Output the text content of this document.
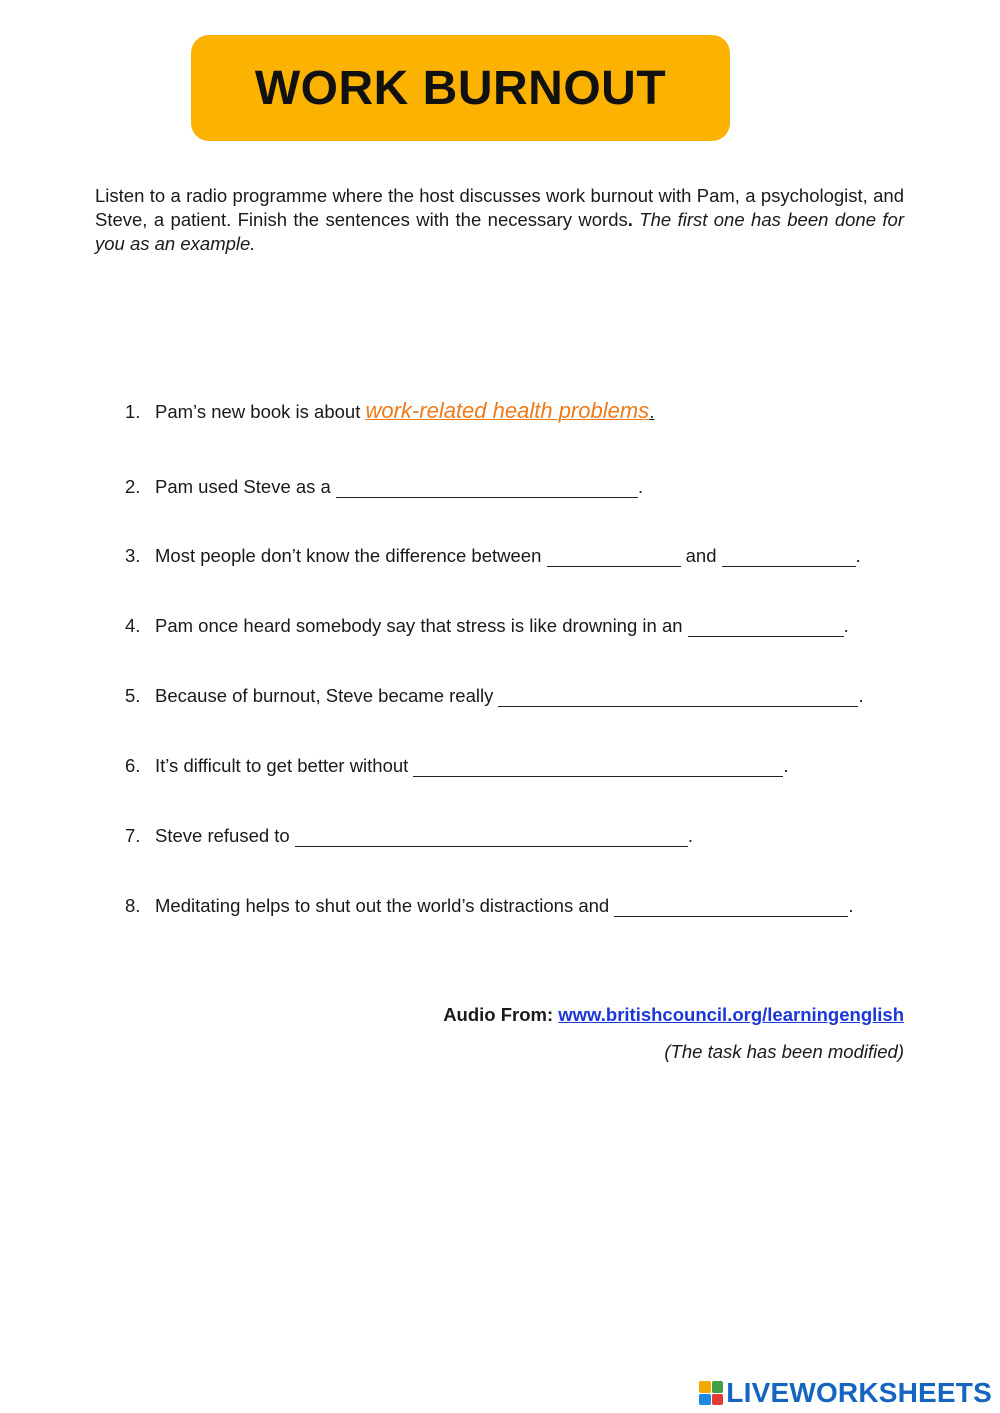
WORK BURNOUT
Listen to a radio programme where the host discusses work burnout with Pam, a psychologist, and Steve, a patient. Finish the sentences with the necessary words. The first one has been done for you as an example.
1. Pam’s new book is about work-related health problems.
2. Pam used Steve as a	.
3. Most people don’t know the difference between	and	.
4. Pam once heard somebody say that stress is like drowning in an	.
5. Because of burnout, Steve became really	.
6. It’s difficult to get better without	.
7. Steve refused to	.
8. Meditating helps to shut out the world’s distractions and	.
Audio From: www.britishcouncil.org/learningenglish
(The task has been modified)
LIVEWORKSHEETS
